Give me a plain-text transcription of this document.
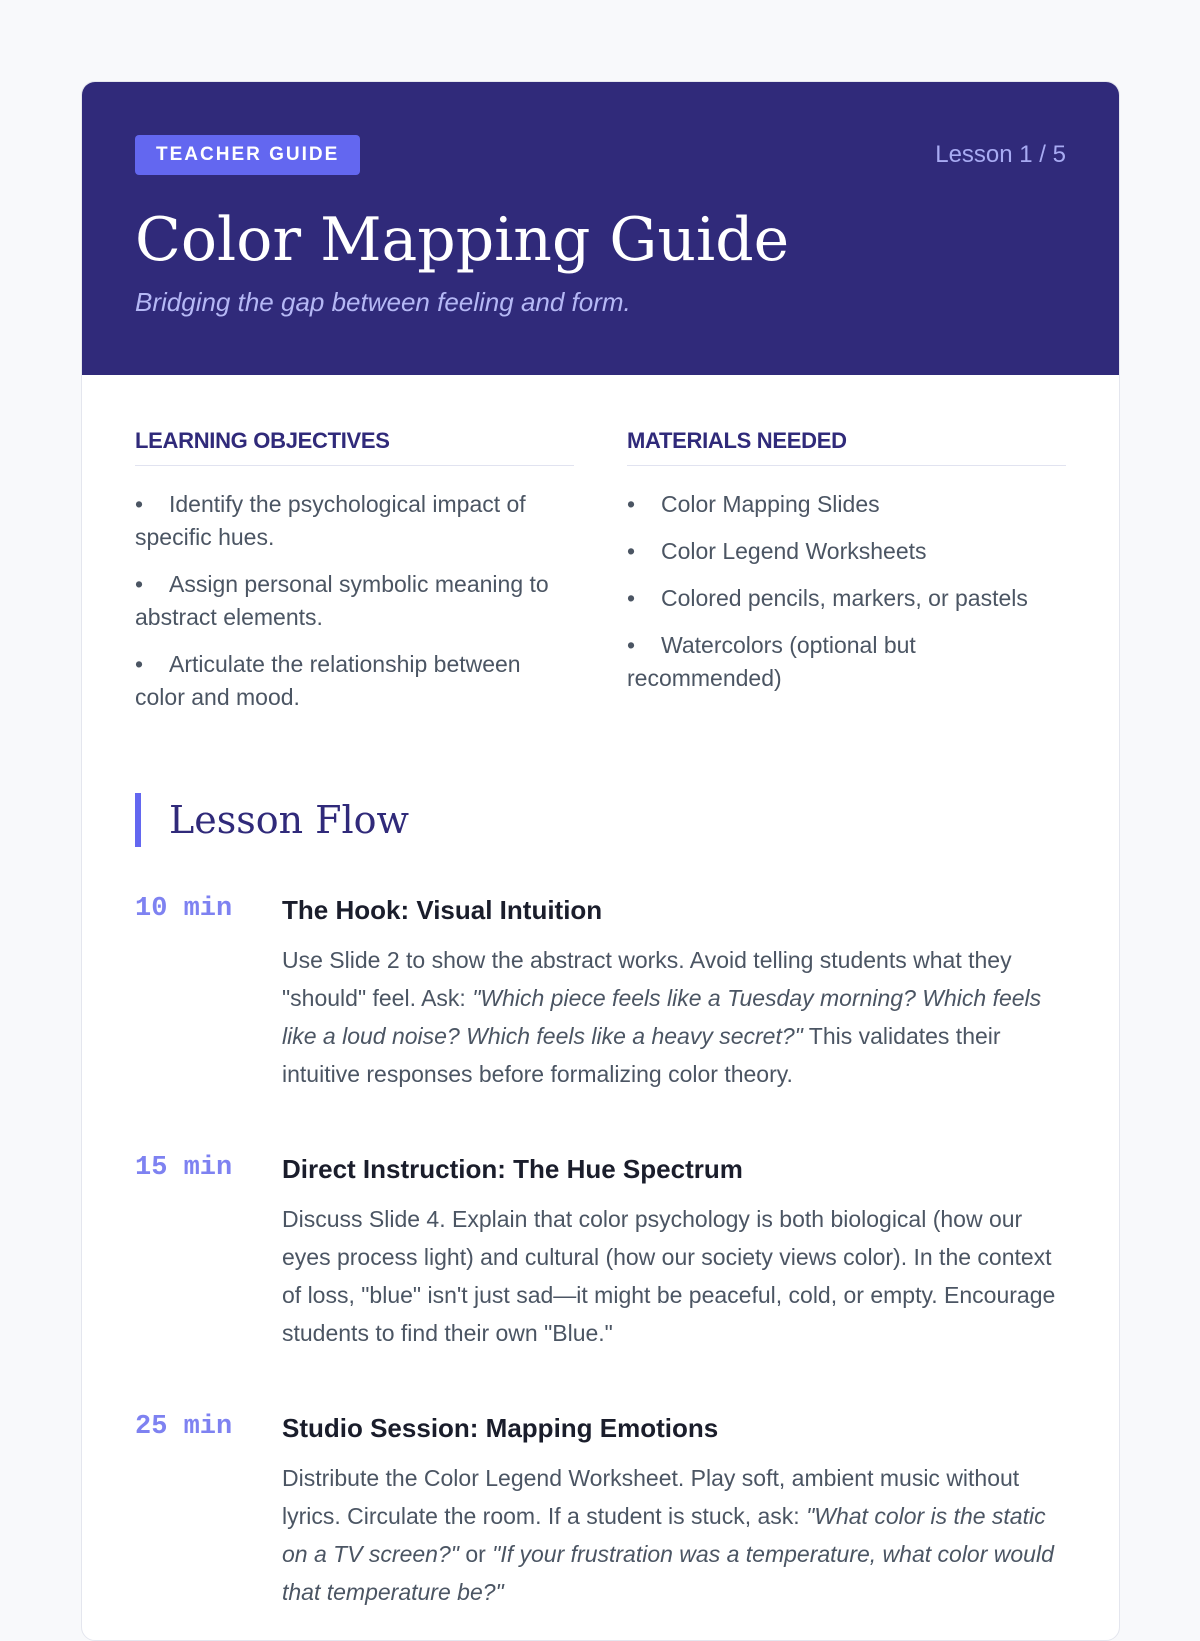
TEACHER GUIDE	Lesson 1 / 5
Color Mapping Guide

Bridging the gap between feeling and form.

LEARNING OBJECTIVES
• Identify the psychological impact of specific hues.
• Assign personal symbolic meaning to abstract elements.
• Articulate the relationship between color and mood.
MATERIALS NEEDED
• Color Mapping Slides
• Color Legend Worksheets
• Colored pencils, markers, or pastels
• Watercolors (optional but recommended)
Lesson Flow
10 min The Hook: Visual Intuition

Use Slide 2 to show the abstract works. Avoid telling students what they "should" feel. Ask: "Which piece feels like a Tuesday morning? Which feels like a loud noise? Which feels like a heavy secret?" This validates their intuitive responses before formalizing color theory.

15 min Direct Instruction: The Hue Spectrum

Discuss Slide 4. Explain that color psychology is both biological (how our eyes process light) and cultural (how our society views color). In the context of loss, "blue" isn't just sad—it might be peaceful, cold, or empty. Encourage students to find their own "Blue."

25 min Studio Session: Mapping Emotions

Distribute the Color Legend Worksheet. Play soft, ambient music without lyrics. Circulate the room. If a student is stuck, ask: "What color is the static on a TV screen?" or "If your frustration was a temperature, what color would that temperature be?"
